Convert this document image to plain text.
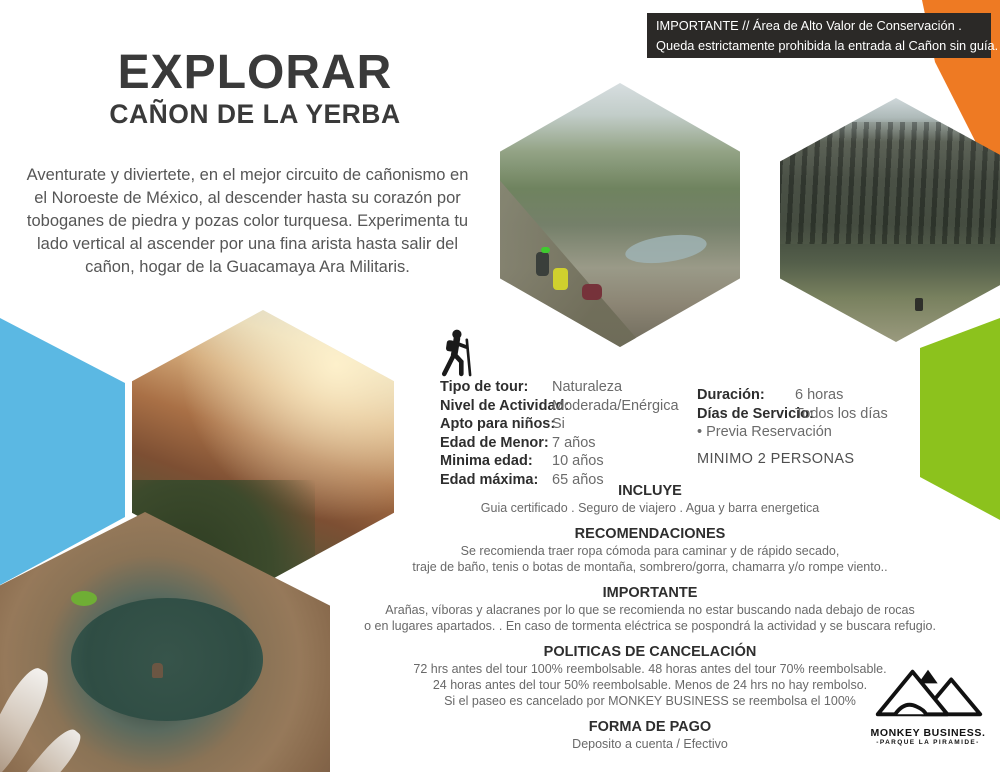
IMPORTANTE // Área de Alto Valor de Conservación .
Queda estrictamente prohibida la entrada al Cañon sin guía.
EXPLORAR
CAÑON DE LA YERBA
Aventurate y diviertete, en el mejor circuito de cañonismo en el Noroeste de México, al descender hasta su corazón por toboganes de piedra y pozas color turquesa. Experimenta tu lado vertical al ascender por una fina arista hasta salir del cañon, hogar de la Guacamaya Ara Militaris.
Tipo de tour:	Naturaleza
Nivel de Actividad:
Moderada/Enérgica
Apto para niños:
Si
Edad de Menor: 7 años
Minima edad:	10 años
Edad máxima: 65 años
Duración:	6 horas
Días de Servicio:
Todos los días
• Previa Reservación
MINIMO 2 PERSONAS
INCLUYE
Guia certificado . Seguro de viajero . Agua y barra energetica
RECOMENDACIONES
Se recomienda traer ropa cómoda para caminar y de rápido secado,
traje de baño, tenis o botas de montaña, sombrero/gorra, chamarra y/o rompe viento..
IMPORTANTE
Arañas, víboras y alacranes por lo que se recomienda no estar buscando nada debajo de rocas
o en lugares apartados. . En caso de tormenta eléctrica se pospondrá la actividad y se buscara refugio.
POLITICAS DE CANCELACIÓN
72 hrs antes del tour 100% reembolsable. 48 horas antes del tour 70% reembolsable.
24 horas antes del tour 50% reembolsable. Menos de 24 hrs no hay rembolso.
Si el paseo es cancelado por MONKEY BUSINESS se reembolsa el 100%
FORMA DE PAGO
Deposito a cuenta / Efectivo
MONKEY BUSINESS.
-PARQUE LA PIRAMIDE-
